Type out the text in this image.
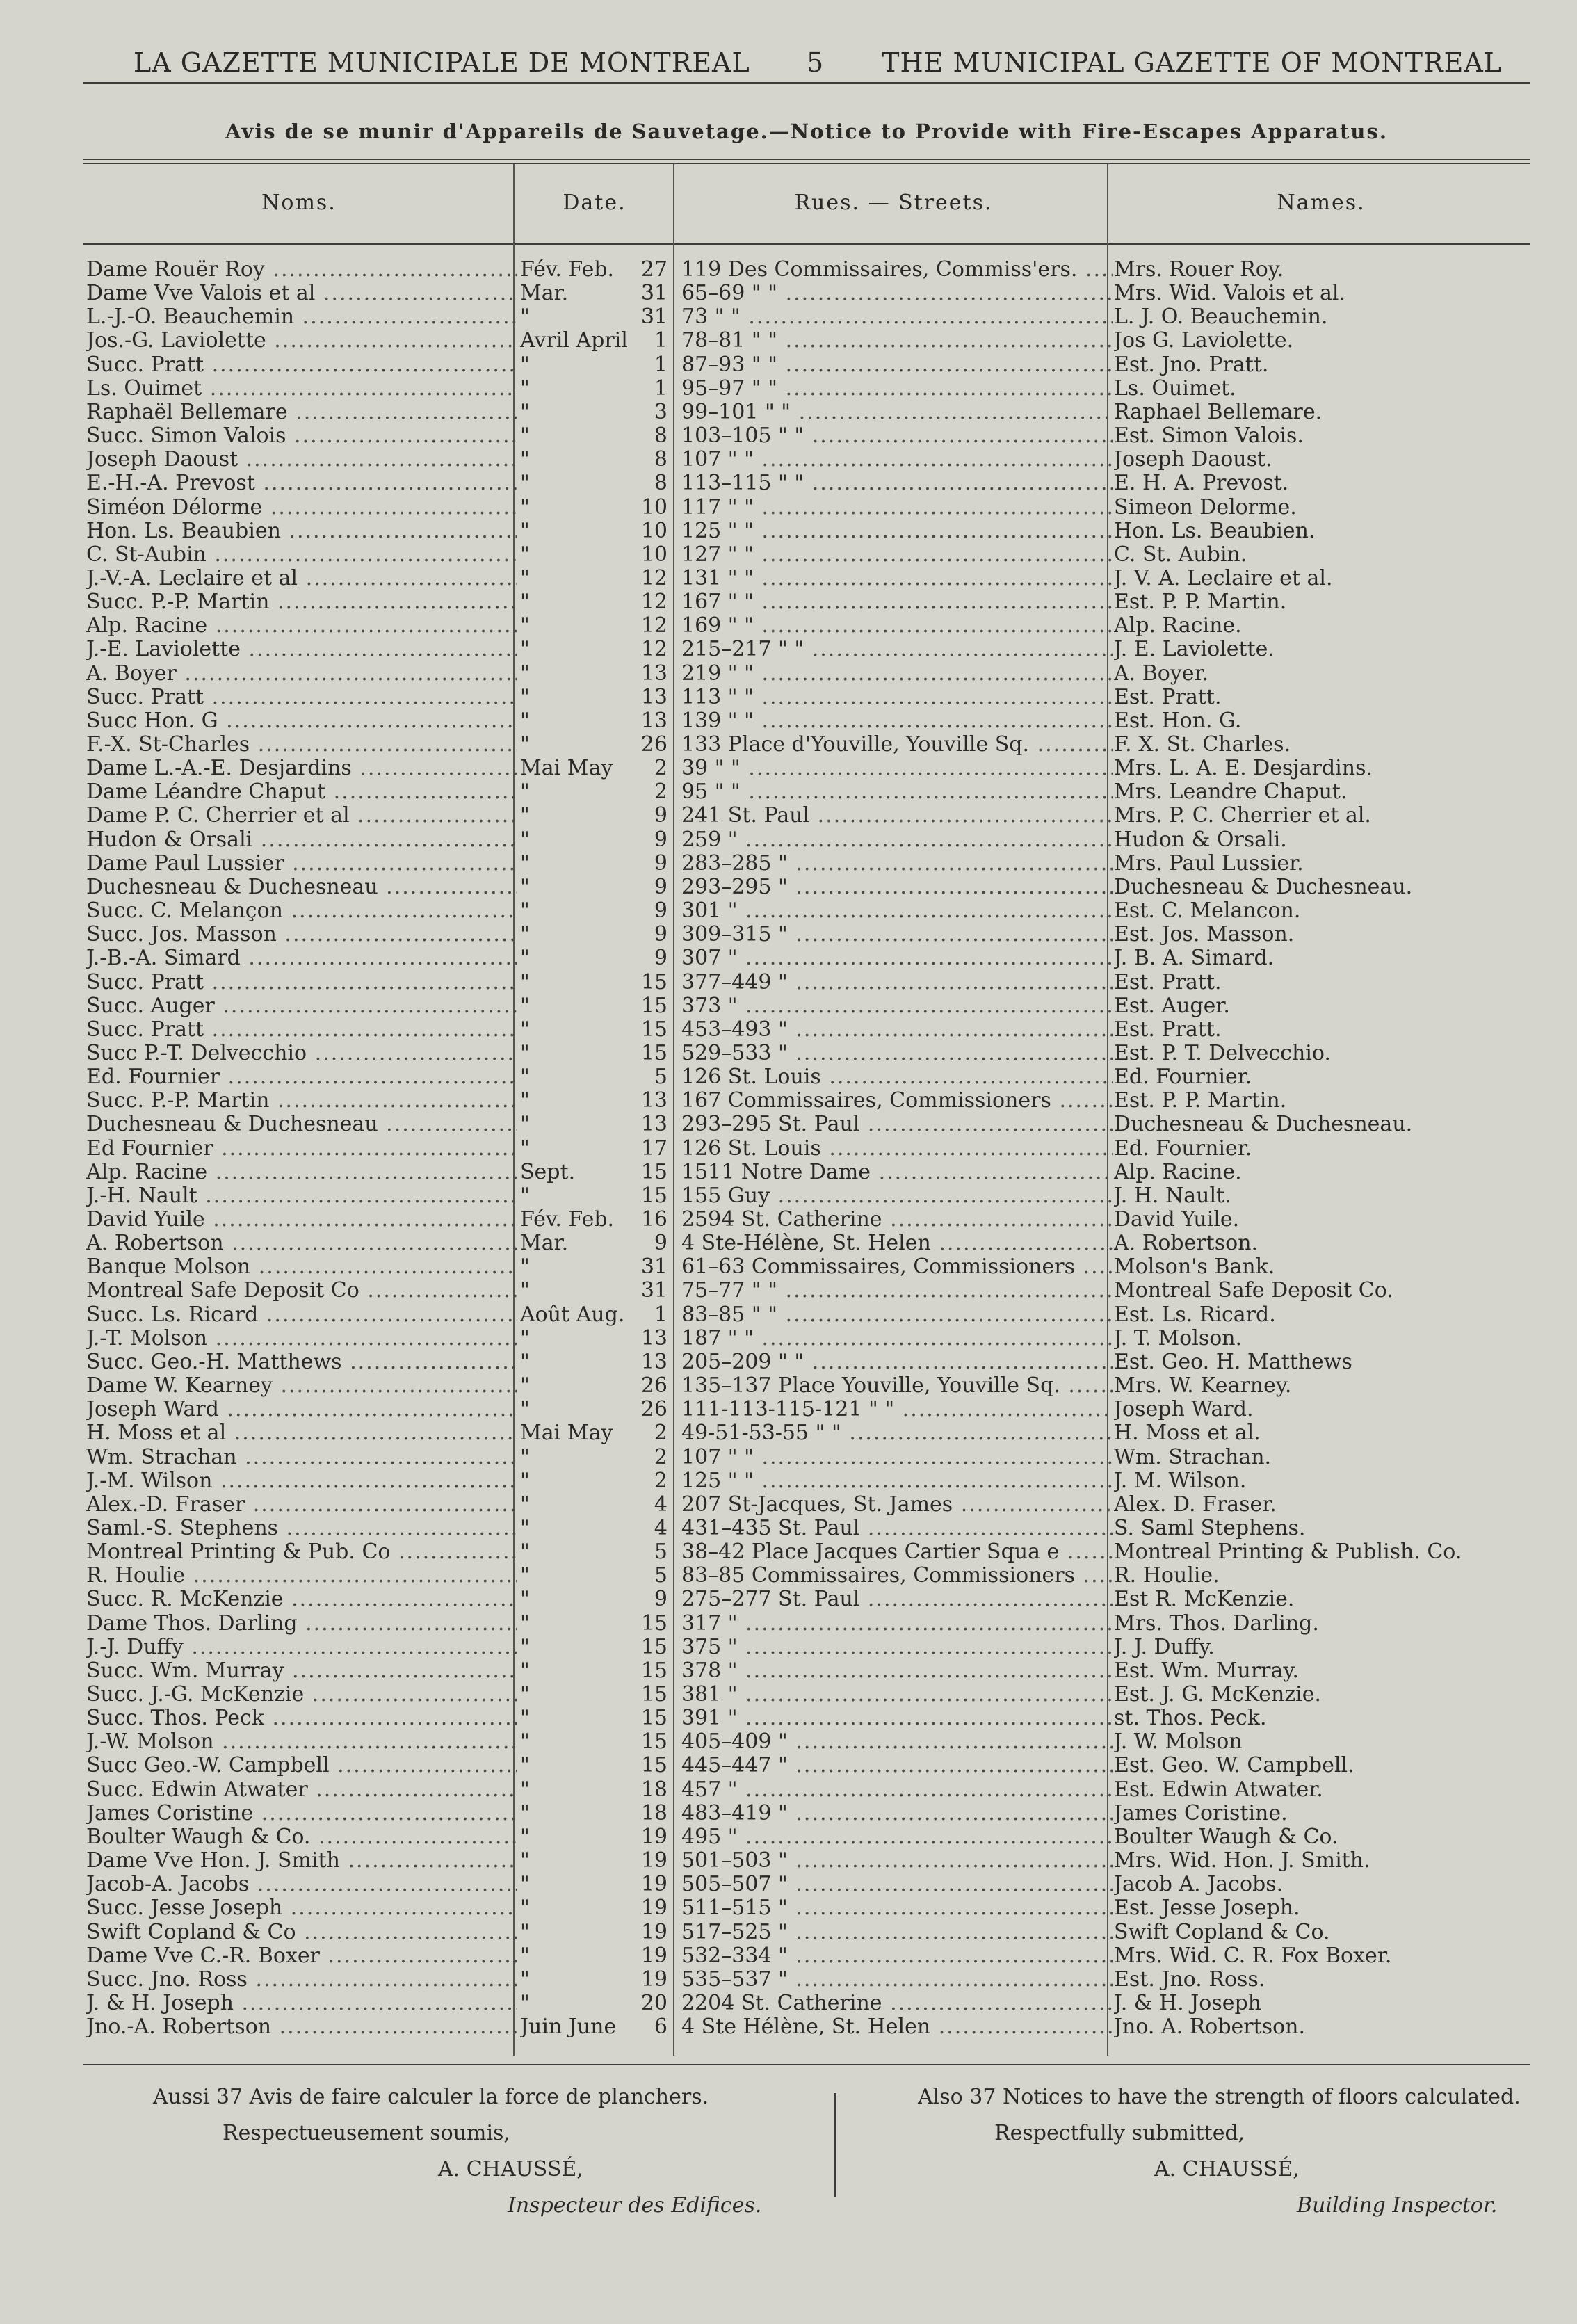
LA GAZETTE MUNICIPALE DE MONTREAL 5 THE MUNICIPAL GAZETTE OF MONTREAL
Avis de se munir d'Appareils de Sauvetage.—Notice to Provide with Fire-Escapes Apparatus.
Noms.	Date.	Rues. — Streets.	Names.
Dame Rouër Roy .....	Fév. Feb.	27 119 Des Commissaires, Commiss'ers. .....	Mrs. Rouer Roy.
Dame Vve Valois et al .....	Mar.	31 65–69 " " .....	Mrs. Wid. Valois et al.
L.-J.-O. Beauchemin .....	"	31 73 " " .....	L. J. O. Beauchemin.
Jos.-G. Laviolette .....	Avril April	1 78–81 " " .....	Jos G. Laviolette.
Succ. Pratt .....	"	1 87–93 " " .....	Est. Jno. Pratt.
Ls. Ouimet .....	"	1 95–97 " " .....	Ls. Ouimet.
Raphaël Bellemare .....	"	3 99–101 " " .....	Raphael Bellemare.
Succ. Simon Valois .....	"	8 103–105 " " .....	Est. Simon Valois.
Joseph Daoust .....	"	8 107 " " .....	Joseph Daoust.
E.-H.-A. Prevost .....	"	8 113–115 " " .....	E. H. A. Prevost.
Siméon Délorme .....	"	10 117 " " .....	Simeon Delorme.
Hon. Ls. Beaubien .....	"	10 125 " " .....	Hon. Ls. Beaubien.
C. St-Aubin .....	"	10 127 " " .....	C. St. Aubin.
J.-V.-A. Leclaire et al .....	"	12 131 " " .....	J. V. A. Leclaire et al.
Succ. P.-P. Martin .....	"	12 167 " " .....	Est. P. P. Martin.
Alp. Racine .....	"	12 169 " " .....	Alp. Racine.
J.-E. Laviolette .....	"	12 215–217 " " .....	J. E. Laviolette.
A. Boyer .....	"	13 219 " " .....	A. Boyer.
Succ. Pratt .....	"	13 113 " " .....	Est. Pratt.
Succ Hon. G .....	"	13 139 " " .....	Est. Hon. G.
F.-X. St-Charles .....	"	26 133 Place d'Youville, Youville Sq. .....	F. X. St. Charles.
Dame L.-A.-E. Desjardins .....	Mai May	2 39 " " .....	Mrs. L. A. E. Desjardins.
Dame Léandre Chaput .....	"	2 95 " " .....	Mrs. Leandre Chaput.
Dame P. C. Cherrier et al .....	"	9 241 St. Paul .....	Mrs. P. C. Cherrier et al.
Hudon & Orsali .....	"	9 259 " .....	Hudon & Orsali.
Dame Paul Lussier .....	"	9 283–285 " .....	Mrs. Paul Lussier.
Duchesneau & Duchesneau .....	"	9 293–295 " .....	Duchesneau & Duchesneau.
Succ. C. Melançon .....	"	9 301 " .....	Est. C. Melancon.
Succ. Jos. Masson .....	"	9 309–315 " .....	Est. Jos. Masson.
J.-B.-A. Simard .....	"	9 307 " .....	J. B. A. Simard.
Succ. Pratt .....	"	15 377–449 " .....	Est. Pratt.
Succ. Auger .....	"	15 373 " .....	Est. Auger.
Succ. Pratt .....	"	15 453–493 " .....	Est. Pratt.
Succ P.-T. Delvecchio .....	"	15 529–533 " .....	Est. P. T. Delvecchio.
Ed. Fournier .....	"	5 126 St. Louis .....	Ed. Fournier.
Succ. P.-P. Martin .....	"	13 167 Commissaires, Commissioners .....	Est. P. P. Martin.
Duchesneau & Duchesneau .....	"	13 293–295 St. Paul .....	Duchesneau & Duchesneau.
Ed Fournier .....	"	17 126 St. Louis .....	Ed. Fournier.
Alp. Racine .....	Sept.	15 1511 Notre Dame .....	Alp. Racine.
J.-H. Nault .....	"	15 155 Guy .....	J. H. Nault.
David Yuile .....	Fév. Feb.	16 2594 St. Catherine .....	David Yuile.
A. Robertson .....	Mar.	9 4 Ste-Hélène, St. Helen .....	A. Robertson.
Banque Molson .....	"	31 61–63 Commissaires, Commissioners .....	Molson's Bank.
Montreal Safe Deposit Co .....	"	31 75–77 " " .....	Montreal Safe Deposit Co.
Succ. Ls. Ricard .....	Août Aug.	1 83–85 " " .....	Est. Ls. Ricard.
J.-T. Molson .....	"	13 187 " " .....	J. T. Molson.
Succ. Geo.-H. Matthews .....	"	13 205–209 " " .....	Est. Geo. H. Matthews
Dame W. Kearney .....	"	26 135–137 Place Youville, Youville Sq. .....	Mrs. W. Kearney.
Joseph Ward .....	"	26 111-113-115-121 " " .....	Joseph Ward.
H. Moss et al .....	Mai May	2 49-51-53-55 " " .....	H. Moss et al.
Wm. Strachan .....	"	2 107 " " .....	Wm. Strachan.
J.-M. Wilson .....	"	2 125 " " .....	J. M. Wilson.
Alex.-D. Fraser .....	"	4 207 St-Jacques, St. James .....	Alex. D. Fraser.
Saml.-S. Stephens .....	"	4 431–435 St. Paul .....	S. Saml Stephens.
Montreal Printing & Pub. Co .....	"	5 38–42 Place Jacques Cartier Squa e .....	Montreal Printing & Publish. Co.
R. Houlie .....	"	5 83–85 Commissaires, Commissioners .....	R. Houlie.
Succ. R. McKenzie .....	"	9 275–277 St. Paul .....	Est R. McKenzie.
Dame Thos. Darling .....	"	15 317 " .....	Mrs. Thos. Darling.
J.-J. Duffy .....	"	15 375 " .....	J. J. Duffy.
Succ. Wm. Murray .....	"	15 378 " .....	Est. Wm. Murray.
Succ. J.-G. McKenzie .....	"	15 381 " .....	Est. J. G. McKenzie.
Succ. Thos. Peck .....	"	15 391 " .....	st. Thos. Peck.
J.-W. Molson .....	"	15 405–409 " .....	J. W. Molson
Succ Geo.-W. Campbell .....	"	15 445–447 " .....	Est. Geo. W. Campbell.
Succ. Edwin Atwater .....	"	18 457 " .....	Est. Edwin Atwater.
James Coristine .....	"	18 483–419 " .....	James Coristine.
Boulter Waugh & Co. .....	"	19 495 " .....	Boulter Waugh & Co.
Dame Vve Hon. J. Smith .....	"	19 501–503 " .....	Mrs. Wid. Hon. J. Smith.
Jacob-A. Jacobs .....	"	19 505–507 " .....	Jacob A. Jacobs.
Succ. Jesse Joseph .....	"	19 511–515 " .....	Est. Jesse Joseph.
Swift Copland & Co .....	"	19 517–525 " .....	Swift Copland & Co.
Dame Vve C.-R. Boxer .....	"	19 532–334 " .....	Mrs. Wid. C. R. Fox Boxer.
Succ. Jno. Ross .....	"	19 535–537 " .....	Est. Jno. Ross.
J. & H. Joseph .....	"	20 2204 St. Catherine .....	J. & H. Joseph
Jno.-A. Robertson .....	Juin June	6 4 Ste Hélène, St. Helen .....	Jno. A. Robertson.
Aussi 37 Avis de faire calculer la force de planchers.
Respectueusement soumis,
A. CHAUSSÉ,
Inspecteur des Edifices.
Also 37 Notices to have the strength of floors calculated.
Respectfully submitted,
A. CHAUSSÉ,
Building Inspector.
